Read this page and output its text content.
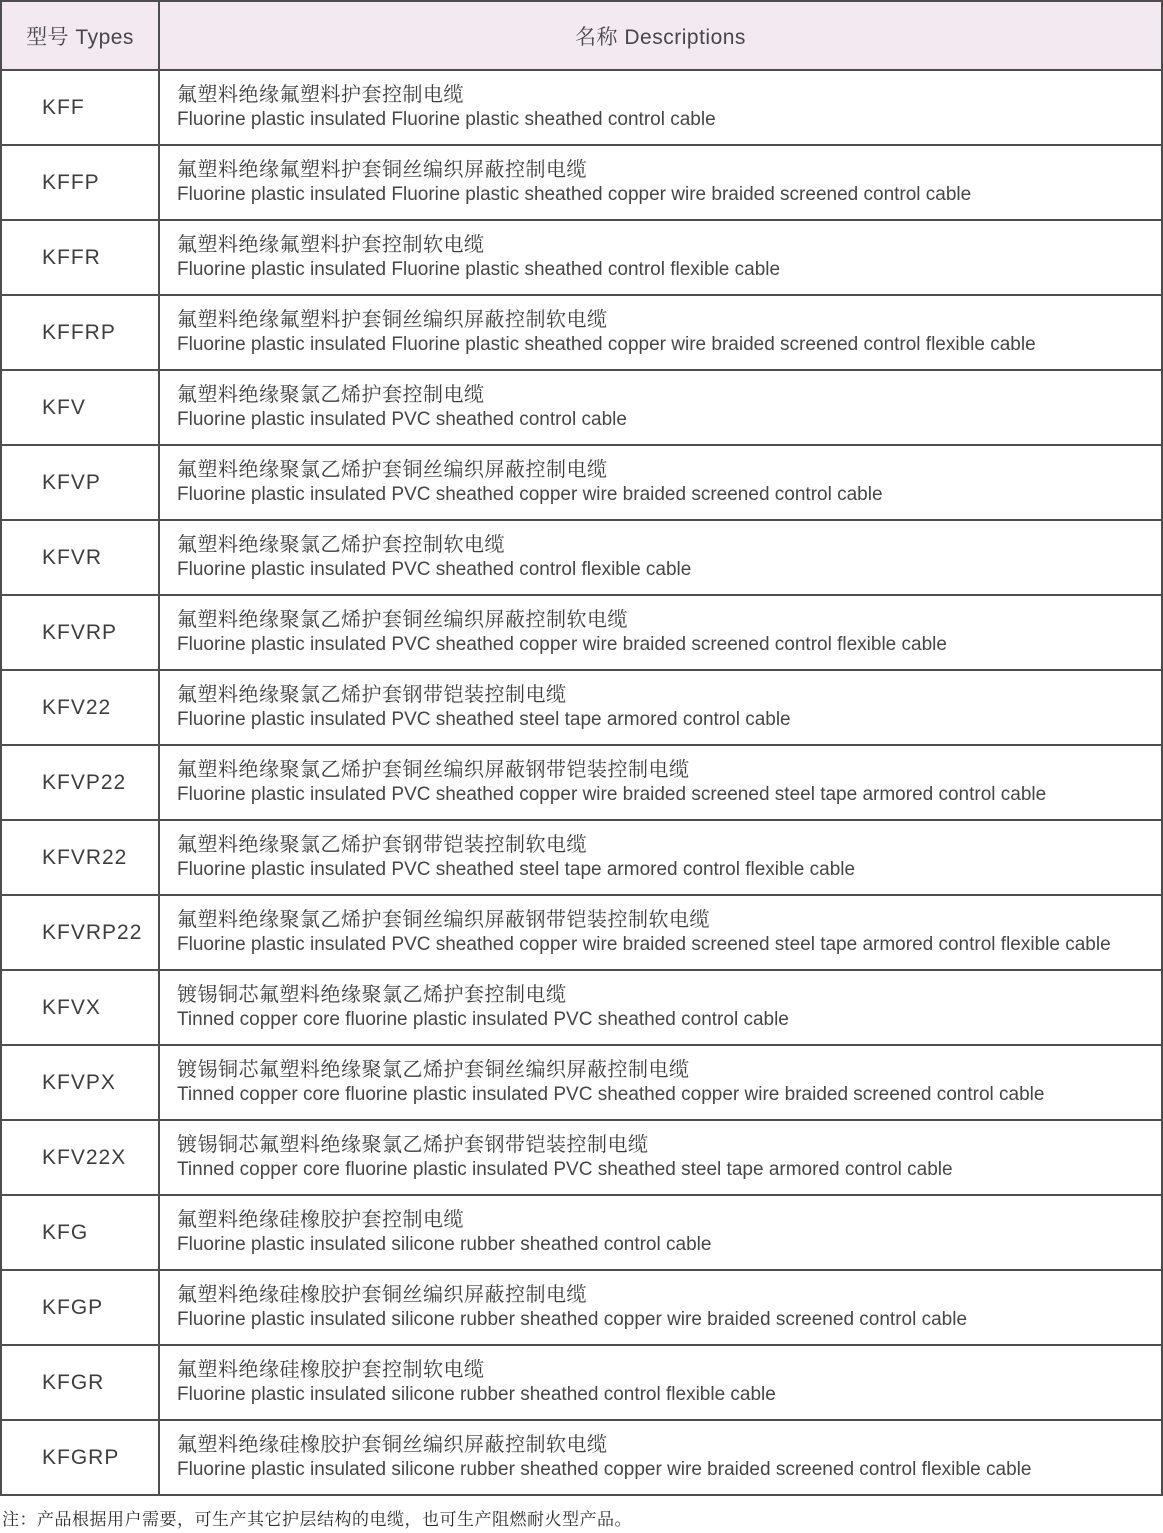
型号 Types	名称 Descriptions
KFF	氟塑料绝缘氟塑料护套控制电缆
Fluorine plastic insulated Fluorine plastic sheathed control cable

KFFP	氟塑料绝缘氟塑料护套铜丝编织屏蔽控制电缆
Fluorine plastic insulated Fluorine plastic sheathed copper wire braided screened control cable

KFFR	氟塑料绝缘氟塑料护套控制软电缆
Fluorine plastic insulated Fluorine plastic sheathed control flexible cable

KFFRP	氟塑料绝缘氟塑料护套铜丝编织屏蔽控制软电缆
Fluorine plastic insulated Fluorine plastic sheathed copper wire braided screened control flexible cable

KFV	氟塑料绝缘聚氯乙烯护套控制电缆
Fluorine plastic insulated PVC sheathed control cable

KFVP	氟塑料绝缘聚氯乙烯护套铜丝编织屏蔽控制电缆
Fluorine plastic insulated PVC sheathed copper wire braided screened control cable

KFVR	氟塑料绝缘聚氯乙烯护套控制软电缆
Fluorine plastic insulated PVC sheathed control flexible cable

KFVRP	氟塑料绝缘聚氯乙烯护套铜丝编织屏蔽控制软电缆
Fluorine plastic insulated PVC sheathed copper wire braided screened control flexible cable

KFV22	氟塑料绝缘聚氯乙烯护套钢带铠装控制电缆
Fluorine plastic insulated PVC sheathed steel tape armored control cable

KFVP22	氟塑料绝缘聚氯乙烯护套铜丝编织屏蔽钢带铠装控制电缆
Fluorine plastic insulated PVC sheathed copper wire braided screened steel tape armored control cable

KFVR22	氟塑料绝缘聚氯乙烯护套钢带铠装控制软电缆
Fluorine plastic insulated PVC sheathed steel tape armored control flexible cable

KFVRP22	氟塑料绝缘聚氯乙烯护套铜丝编织屏蔽钢带铠装控制软电缆
Fluorine plastic insulated PVC sheathed copper wire braided screened steel tape armored control flexible cable

KFVX	镀锡铜芯氟塑料绝缘聚氯乙烯护套控制电缆
Tinned copper core fluorine plastic insulated PVC sheathed control cable

KFVPX	镀锡铜芯氟塑料绝缘聚氯乙烯护套铜丝编织屏蔽控制电缆
Tinned copper core fluorine plastic insulated PVC sheathed copper wire braided screened control cable

KFV22X	镀锡铜芯氟塑料绝缘聚氯乙烯护套钢带铠装控制电缆
Tinned copper core fluorine plastic insulated PVC sheathed steel tape armored control cable

KFG	氟塑料绝缘硅橡胶护套控制电缆
Fluorine plastic insulated silicone rubber sheathed control cable

KFGP	氟塑料绝缘硅橡胶护套铜丝编织屏蔽控制电缆
Fluorine plastic insulated silicone rubber sheathed copper wire braided screened control cable

KFGR	氟塑料绝缘硅橡胶护套控制软电缆
Fluorine plastic insulated silicone rubber sheathed control flexible cable

KFGRP	氟塑料绝缘硅橡胶护套铜丝编织屏蔽控制软电缆
Fluorine plastic insulated silicone rubber sheathed copper wire braided screened control flexible cable
注：产品根据用户需要，可生产其它护层结构的电缆，也可生产阻燃耐火型产品。
